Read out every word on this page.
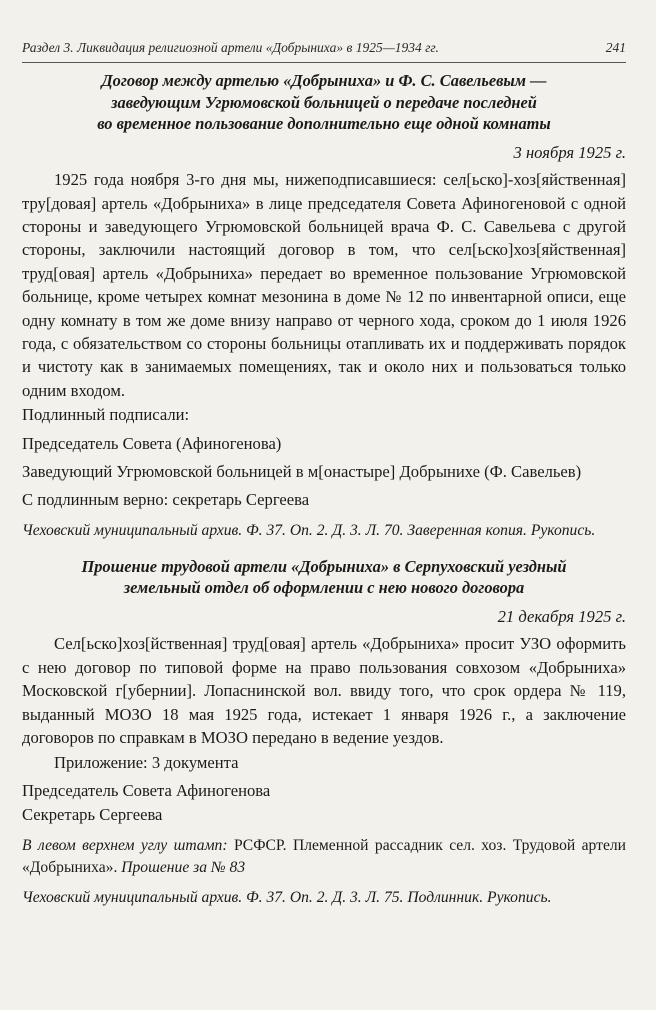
Раздел 3. Ликвидация религиозной артели «Добрыниха» в 1925—1934 гг.	241

Договор между артелью «Добрыниха» и Ф. С. Савельевым —
заведующим Угрюмовской больницей о передаче последней
во временное пользование дополнительно еще одной комнаты

3 ноября 1925 г.

1925 года ноября 3-го дня мы, нижеподписавшиеся: сел[ьско]-хоз[яйственная] тру[довая] артель «Добрыниха» в лице председателя Совета Афиногеновой с одной стороны и заведующего Угрюмовской больницей врача Ф. С. Савельева с другой стороны, заключили настоящий договор в том, что сел[ьско]хоз[яйственная] труд[овая] артель «Добрыниха» передает во временное пользование Угрюмовской больнице, кроме четырех комнат мезонина в доме № 12 по инвентарной описи, еще одну комнату в том же доме внизу направо от черного хода, сроком до 1 июля 1926 года, с обязательством со стороны больницы отапливать их и поддерживать порядок и чистоту как в занимаемых помещениях, так и около них и пользоваться только одним входом.

Подлинный подписали:

Председатель Совета (Афиногенова)

Заведующий Угрюмовской больницей в м[онастыре] Добрынихе (Ф. Савельев)

С подлинным верно: секретарь Сергеева

Чеховский муниципальный архив. Ф. 37. Оп. 2. Д. 3. Л. 70. Заверенная копия. Рукопись.

Прошение трудовой артели «Добрыниха» в Серпуховский уездный
земельный отдел об оформлении с нею нового договора

21 декабря 1925 г.

Сел[ьско]хоз[йственная] труд[овая] артель «Добрыниха» просит УЗО оформить с нею договор по типовой форме на право пользования совхозом «Добрыниха» Московской г[убернии]. Лопаснинской вол. ввиду того, что срок ордера № 119, выданный МОЗО 18 мая 1925 года, истекает 1 января 1926 г., а заключение договоров по справкам в МОЗО передано в ведение уездов.

Приложение: 3 документа

Председатель Совета Афиногенова

Секретарь Сергеева

В левом верхнем углу штамп: РСФСР. Племенной рассадник сел. хоз. Трудовой артели «Добрыниха». Прошение за № 83

Чеховский муниципальный архив. Ф. 37. Оп. 2. Д. 3. Л. 75. Подлинник. Рукопись.
